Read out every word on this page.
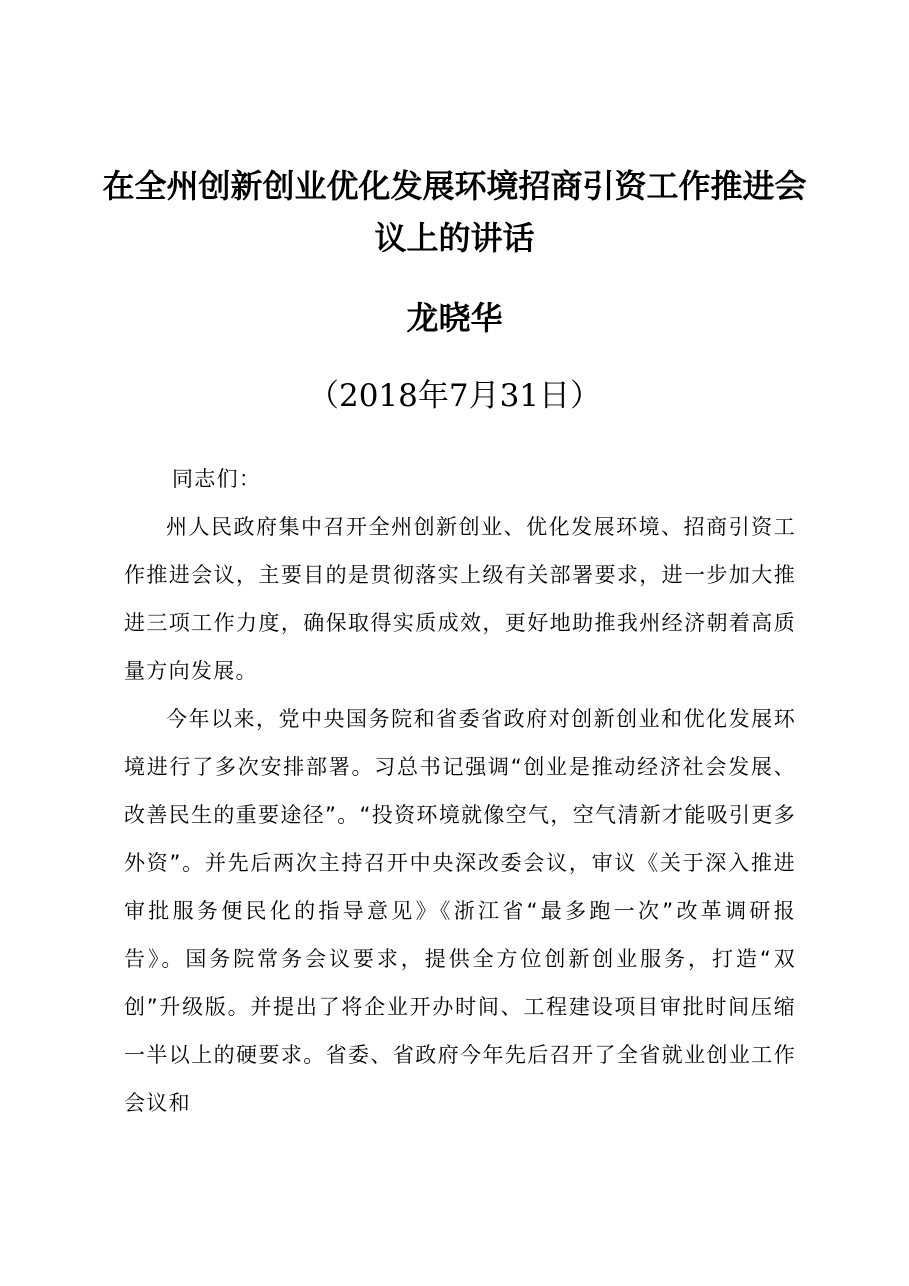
在全州创新创业优化发展环境招商引资工作推进会议上的讲话
龙晓华
（2018年7月31日）
同志们：

州人民政府集中召开全州创新创业、优化发展环境、招商引资工作推进会议，主要目的是贯彻落实上级有关部署要求，进一步加大推进三项工作力度，确保取得实质成效，更好地助推我州经济朝着高质量方向发展。

今年以来，党中央国务院和省委省政府对创新创业和优化发展环境进行了多次安排部署。习总书记强调“创业是推动经济社会发展、改善民生的重要途径”。“投资环境就像空气，空气清新才能吸引更多外资”。并先后两次主持召开中央深改委会议，审议《关于深入推进审批服务便民化的指导意见》《浙江省“最多跑一次”改革调研报告》。国务院常务会议要求，提供全方位创新创业服务，打造“双创”升级版。并提出了将企业开办时间、工程建设项目审批时间压缩一半以上的硬要求。省委、省政府今年先后召开了全省就业创业工作会议和
